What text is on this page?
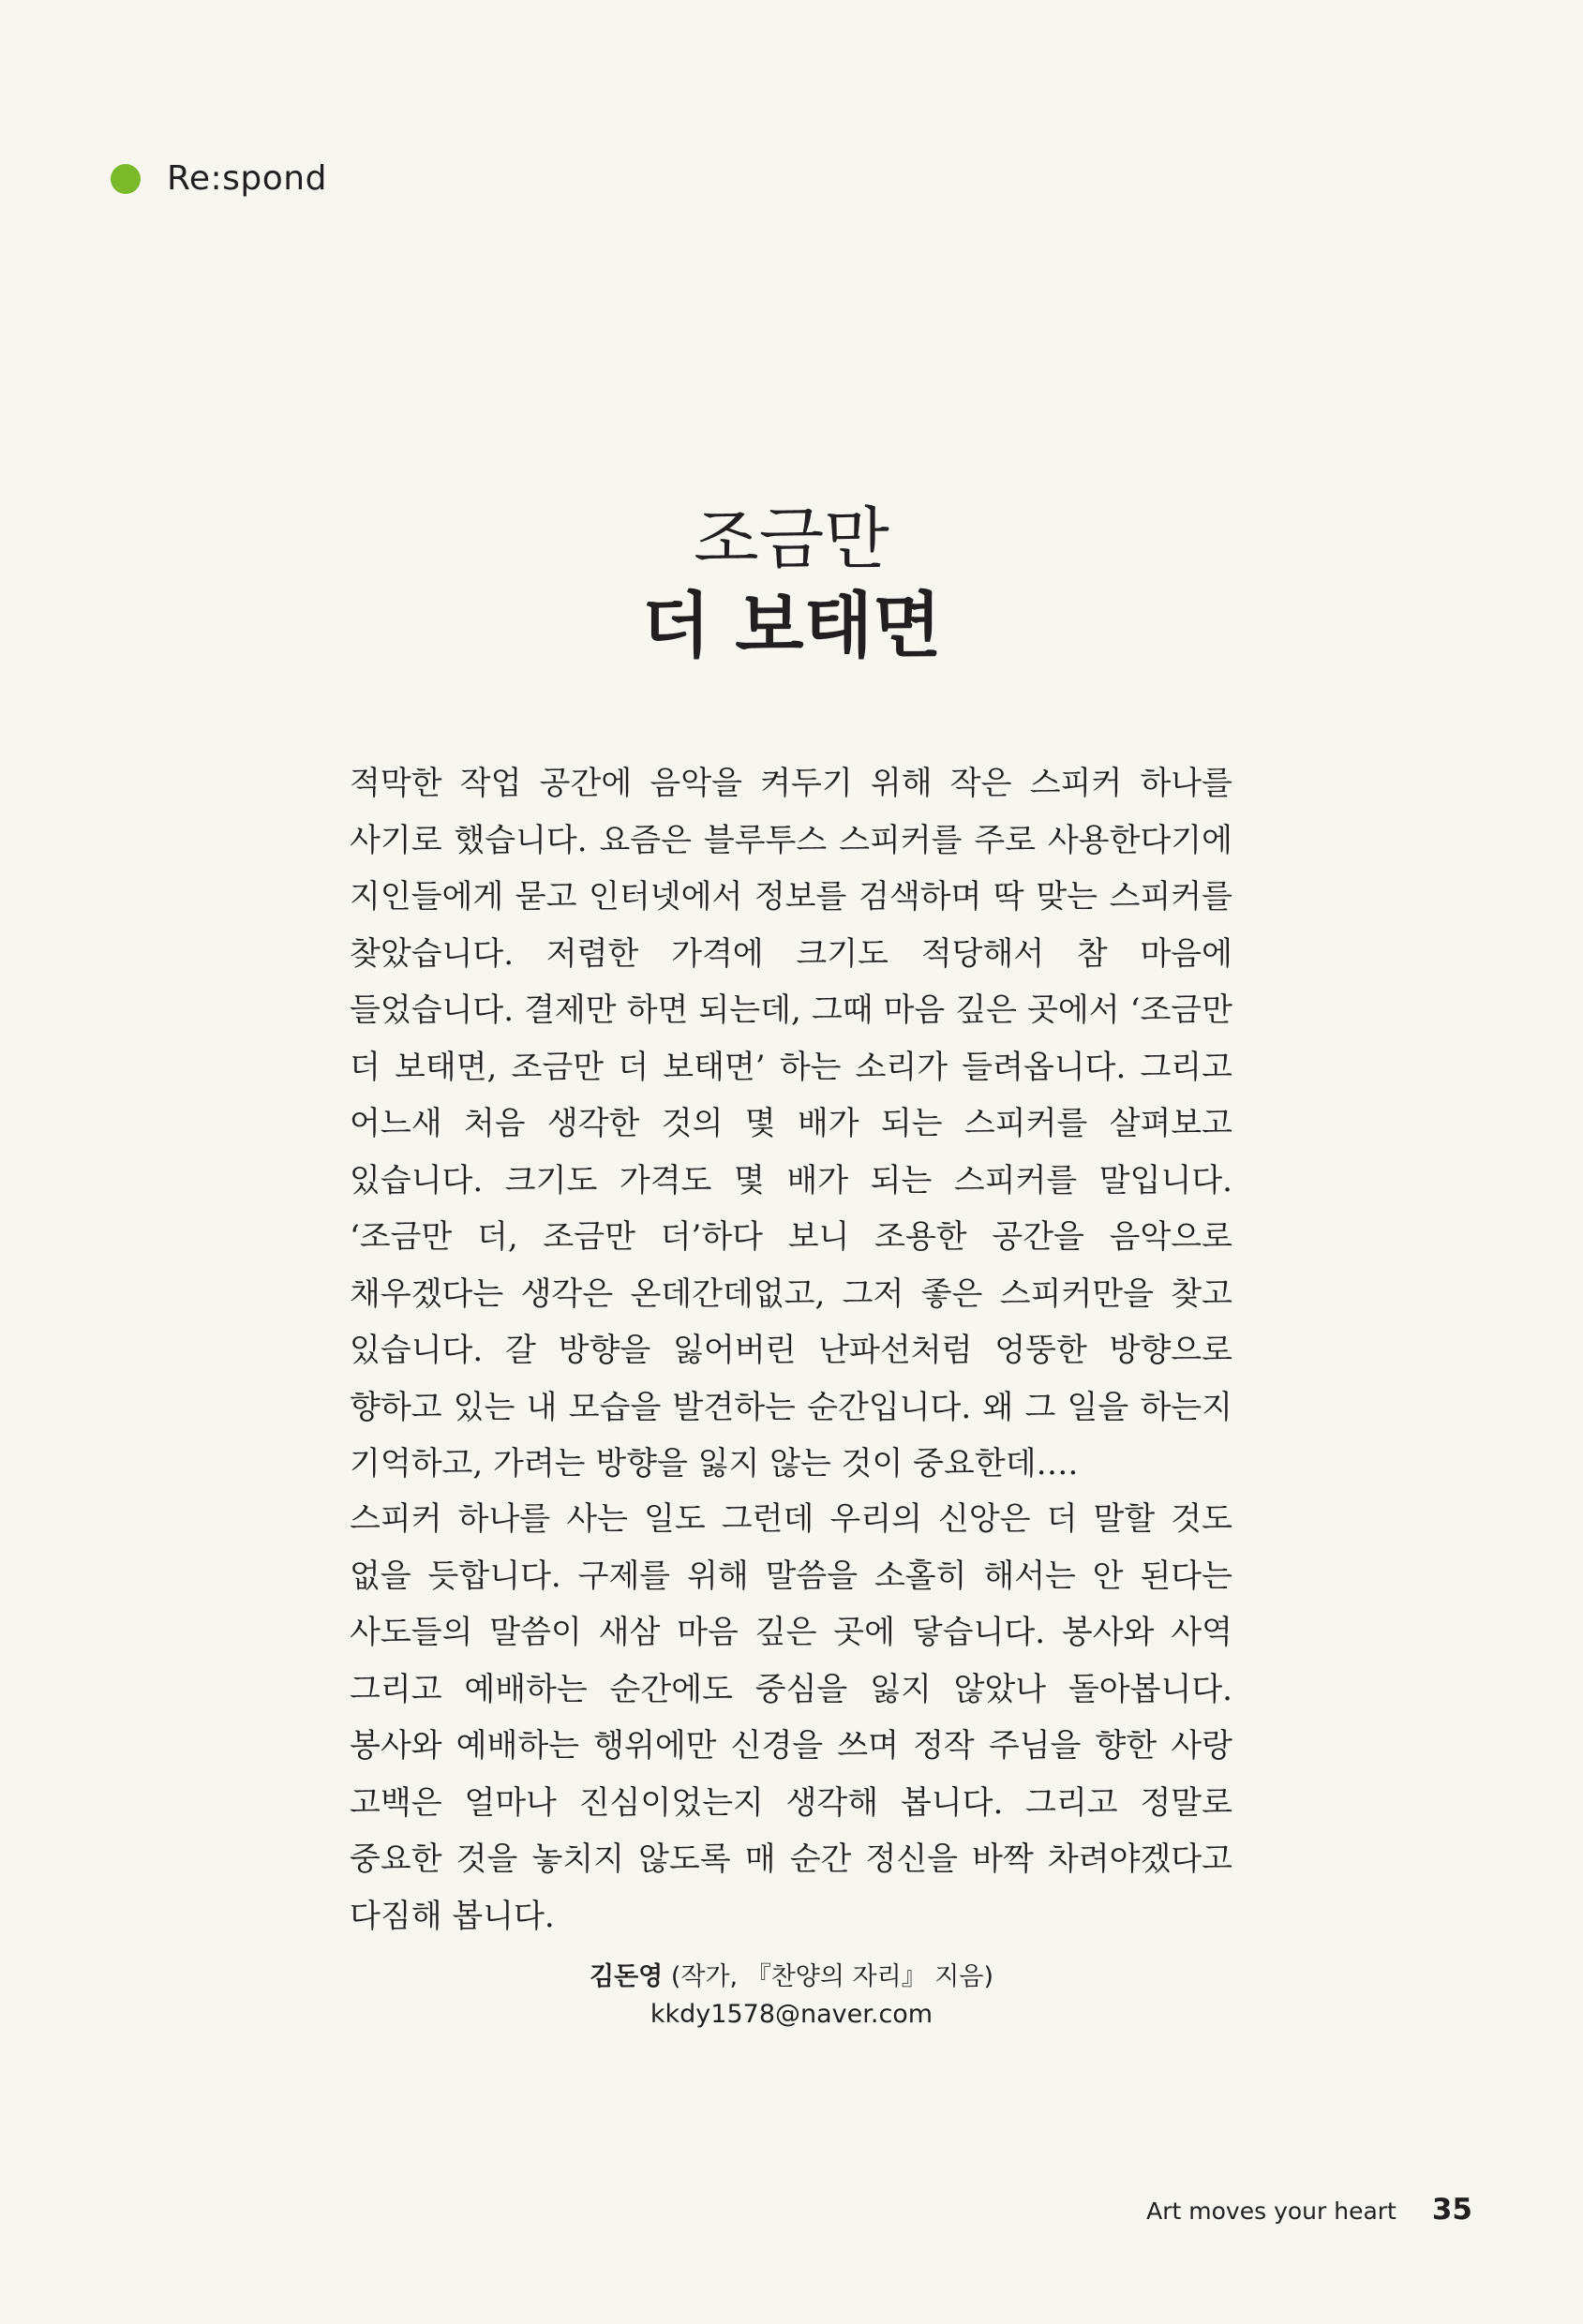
Re:spond
조금만
더 보태면

적막한 작업 공간에 음악을 켜두기 위해 작은 스피커 하나를 사기로 했습니다. 요즘은 블루투스 스피커를 주로 사용한다기에 지인들에게 묻고 인터넷에서 정보를 검색하며 딱 맞는 스피커를 찾았습니다. 저렴한 가격에 크기도 적당해서 참 마음에 들었습니다. 결제만 하면 되는데, 그때 마음 깊은 곳에서 ‘조금만 더 보태면, 조금만 더 보태면’ 하는 소리가 들려옵니다. 그리고 어느새 처음 생각한 것의 몇 배가 되는 스피커를 살펴보고 있습니다. 크기도 가격도 몇 배가 되는 스피커를 말입니다. ‘조금만 더, 조금만 더’하다 보니 조용한 공간을 음악으로 채우겠다는 생각은 온데간데없고, 그저 좋은 스피커만을 찾고 있습니다. 갈 방향을 잃어버린 난파선처럼 엉뚱한 방향으로 향하고 있는 내 모습을 발견하는 순간입니다. 왜 그 일을 하는지 기억하고, 가려는 방향을 잃지 않는 것이 중요한데….

스피커 하나를 사는 일도 그런데 우리의 신앙은 더 말할 것도 없을 듯합니다. 구제를 위해 말씀을 소홀히 해서는 안 된다는 사도들의 말씀이 새삼 마음 깊은 곳에 닿습니다. 봉사와 사역 그리고 예배하는 순간에도 중심을 잃지 않았나 돌아봅니다. 봉사와 예배하는 행위에만 신경을 쓰며 정작 주님을 향한 사랑 고백은 얼마나 진심이었는지 생각해 봅니다. 그리고 정말로 중요한 것을 놓치지 않도록 매 순간 정신을 바짝 차려야겠다고 다짐해 봅니다.

김돈영 (작가, 『찬양의 자리』 지음)
kkdy1578@naver.com
Art moves your heart 35
